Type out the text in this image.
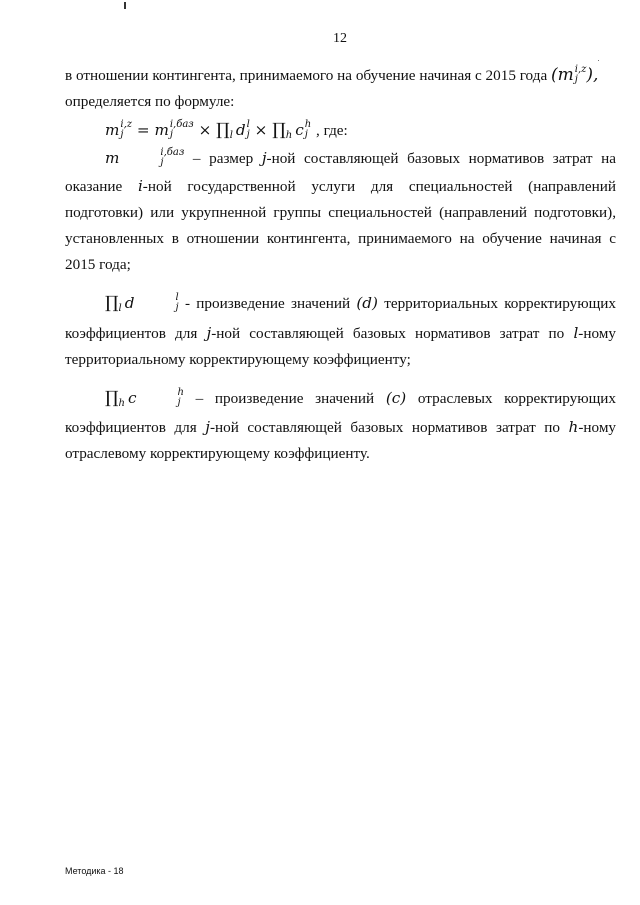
12

в отношении контингента, принимаемого на обучение начиная с 2015 года (m i,z
j ),
определяется по формуле:

m i,z
j = m i,баз
j	× ∏l d l
j × ∏h c h
j , где:

m	i,баз
j	– размер j-ной составляющей базовых нормативов затрат на оказание i-ной государственной услуги для специальностей (направлений подготовки) или укрупненной группы специальностей (направлений подготовки), установленных в отношении контингента, принимаемого на обучение начиная с 2015 года;

∏l d	l
j - произведение значений (d) территориальных корректирующих коэффициентов для j-ной составляющей базовых нормативов затрат по l-ному территориальному корректирующему коэффициенту;

∏h c	h
j – произведение значений (c) отраслевых корректирующих коэффициентов для j-ной составляющей базовых нормативов затрат по h-ному отраслевому корректирующему коэффициенту.

Методика - 18
